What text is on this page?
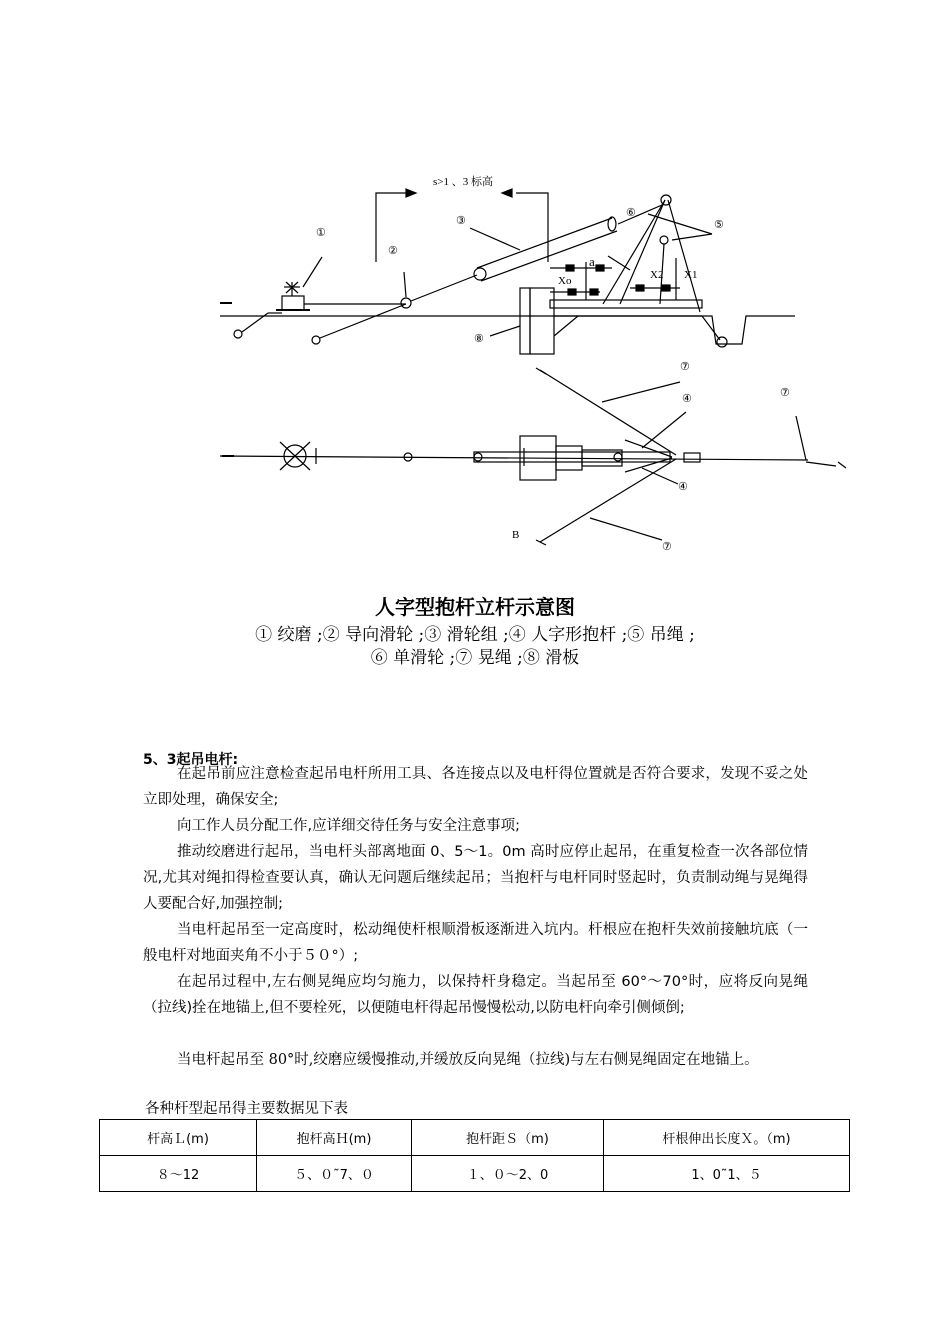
s>1 、3 标高
①
②
③
⑥
⑤
⑧
⑦
④	⑦
④
⑦
B
a
Xo	X2 X1
人字型抱杆立杆示意图
① 绞磨 ;② 导向滑轮 ;③ 滑轮组 ;④ 人字形抱杆 ;⑤ 吊绳 ;
⑥ 单滑轮 ;⑦ 晃绳 ;⑧ 滑板
5、3起吊电杆:

在起吊前应注意检查起吊电杆所用工具、各连接点以及电杆得位置就是否符合要求，发现不妥之处立即处理，确保安全;

向工作人员分配工作,应详细交待任务与安全注意事项;

推动绞磨进行起吊，当电杆头部离地面 0、5～1。0m 高时应停止起吊，在重复检查一次各部位情况,尤其对绳扣得检查要认真，确认无问题后继续起吊；当抱杆与电杆同时竖起时，负责制动绳与晃绳得人要配合好,加强控制;

当电杆起吊至一定高度时，松动绳使杆根顺滑板逐渐进入坑内。杆根应在抱杆失效前接触坑底（一般电杆对地面夹角不小于５０°）;

在起吊过程中,左右侧晃绳应均匀施力，以保持杆身稳定。当起吊至 60°～70°时，应将反向晃绳（拉线)拴在地锚上,但不要栓死，以便随电杆得起吊慢慢松动,以防电杆向牵引侧倾倒;

当电杆起吊至 80°时,绞磨应缓慢推动,并缓放反向晃绳（拉线)与左右侧晃绳固定在地锚上。

各种杆型起吊得主要数据见下表
杆高Ｌ(m)	抱杆高Ｈ(m)	抱杆距Ｓ（m)	杆根伸出长度Ｘ。（m)
８～12	５、０˜7、０	１、０～2、0	1、0˜1、５
